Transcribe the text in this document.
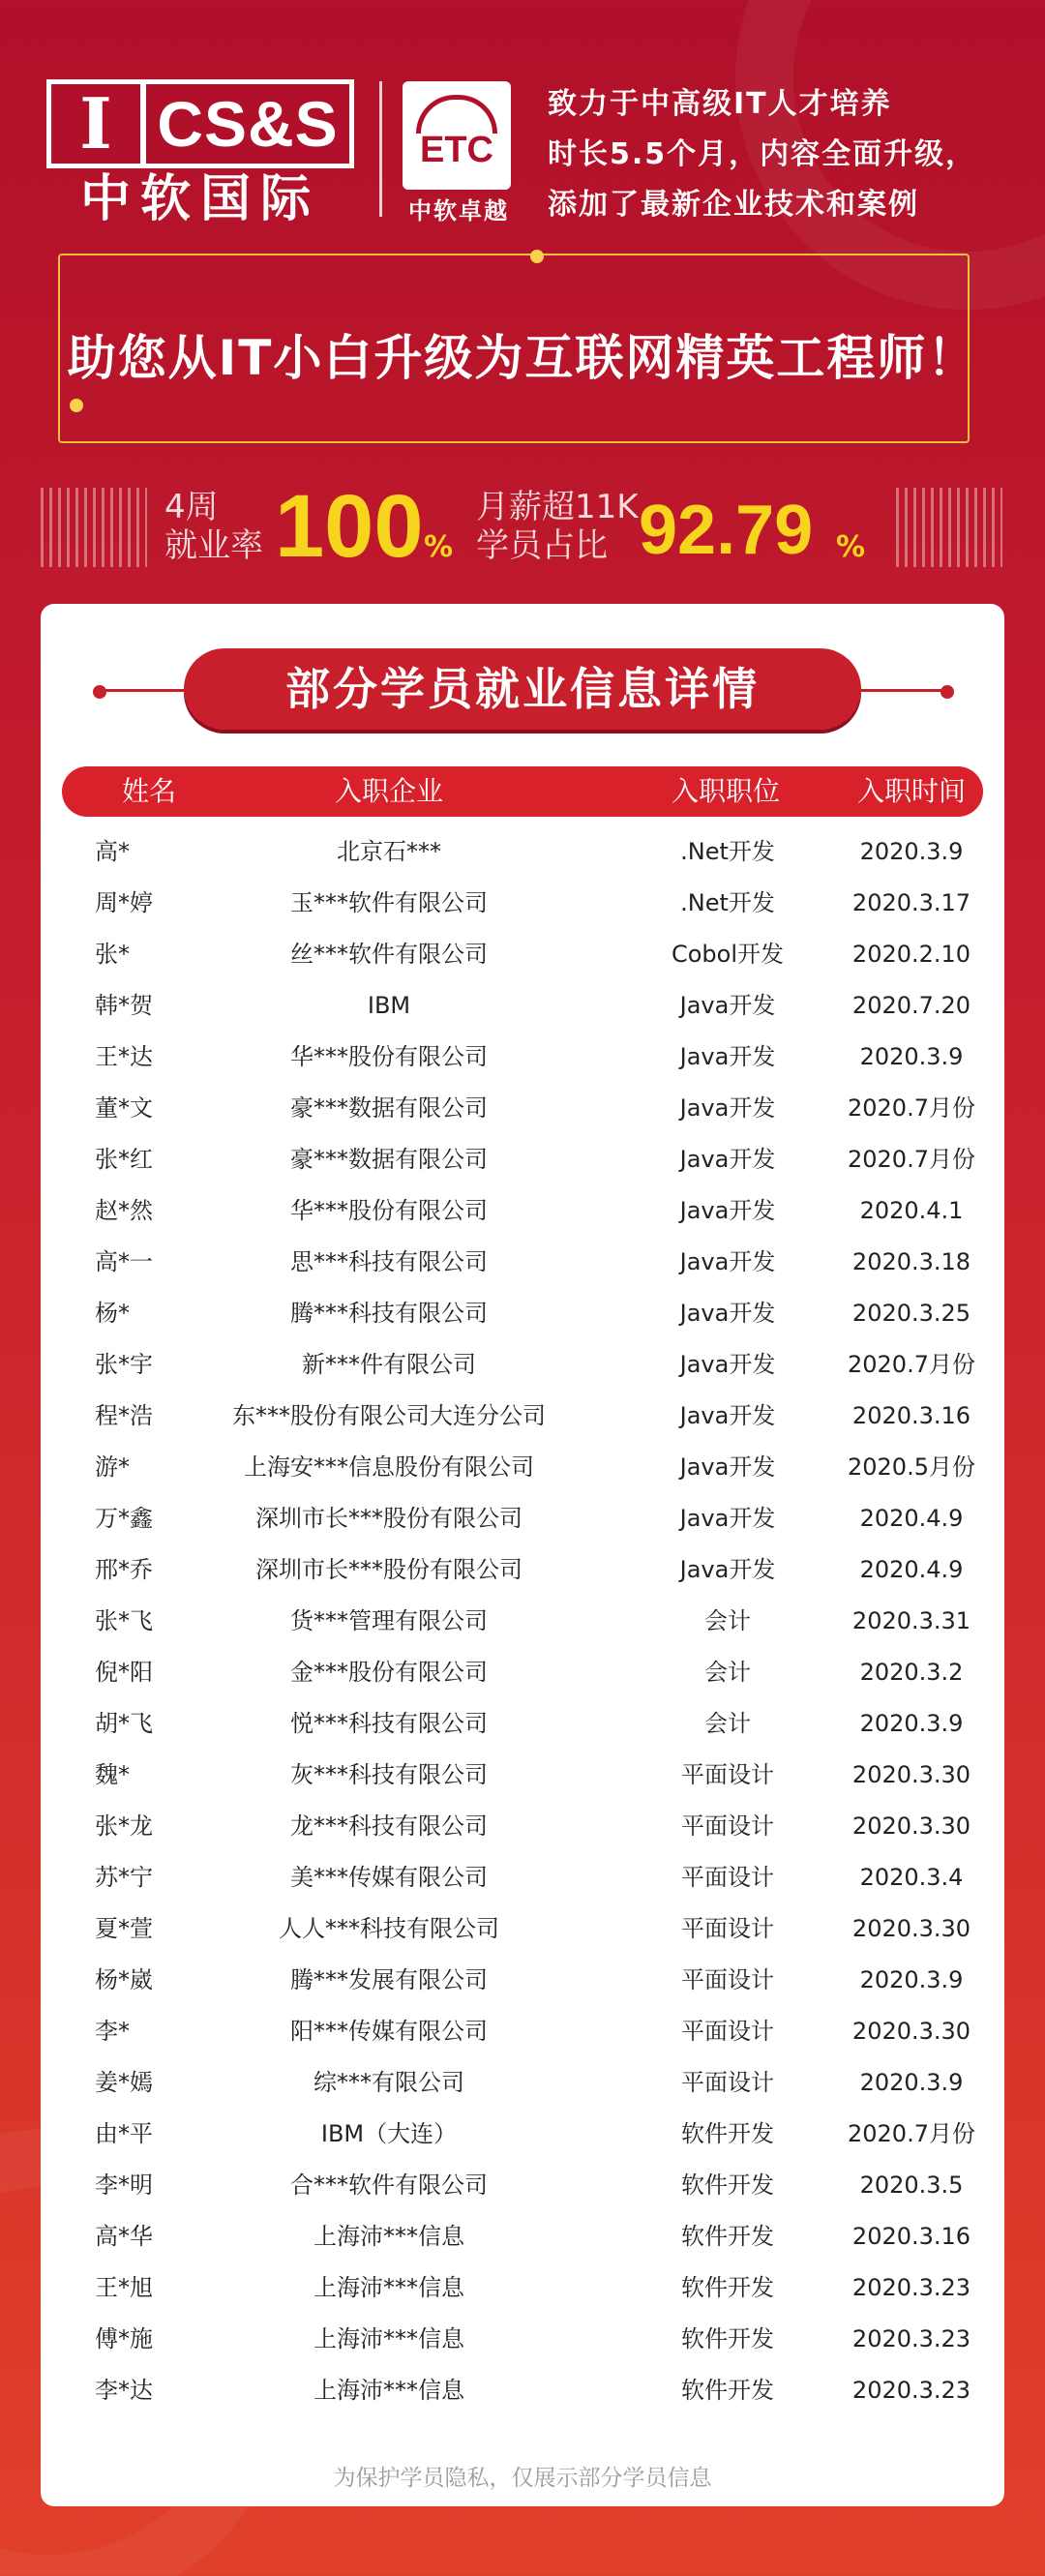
I CS&S
中软国际
ETC
中软卓越
致力于中高级IT人才培养
时长5.5个月，内容全面升级，
添加了最新企业技术和案例
助您从IT小白升级为互联网精英工程师！
4周
就业率 100 %
月薪超11K
学员占比 92.79 %
部分学员就业信息详情
姓名	入职企业	入职职位	入职时间
高*	北京石***	.Net开发	2020.3.9
周*婷	玉***软件有限公司	.Net开发	2020.3.17
张*	丝***软件有限公司	Cobol开发	2020.2.10
韩*贺	IBM	Java开发	2020.7.20
王*达	华***股份有限公司	Java开发	2020.3.9
董*文	豪***数据有限公司	Java开发	2020.7月份
张*红	豪***数据有限公司	Java开发	2020.7月份
赵*然	华***股份有限公司	Java开发	2020.4.1
高*一	思***科技有限公司	Java开发	2020.3.18
杨*	腾***科技有限公司	Java开发	2020.3.25
张*宇	新***件有限公司	Java开发	2020.7月份
程*浩	东***股份有限公司大连分公司	Java开发	2020.3.16
游*	上海安***信息股份有限公司	Java开发	2020.5月份
万*鑫	深圳市长***股份有限公司	Java开发	2020.4.9
邢*乔	深圳市长***股份有限公司	Java开发	2020.4.9
张*飞	货***管理有限公司	会计	2020.3.31
倪*阳	金***股份有限公司	会计	2020.3.2
胡*飞	悦***科技有限公司	会计	2020.3.9
魏*	灰***科技有限公司	平面设计	2020.3.30
张*龙	龙***科技有限公司	平面设计	2020.3.30
苏*宁	美***传媒有限公司	平面设计	2020.3.4
夏*萱	人人***科技有限公司	平面设计	2020.3.30
杨*崴	腾***发展有限公司	平面设计	2020.3.9
李*	阳***传媒有限公司	平面设计	2020.3.30
姜*嫣	综***有限公司	平面设计	2020.3.9
由*平	IBM（大连）	软件开发	2020.7月份
李*明	合***软件有限公司	软件开发	2020.3.5
高*华	上海沛***信息	软件开发	2020.3.16
王*旭	上海沛***信息	软件开发	2020.3.23
傅*施	上海沛***信息	软件开发	2020.3.23
李*达	上海沛***信息	软件开发	2020.3.23
为保护学员隐私，仅展示部分学员信息
